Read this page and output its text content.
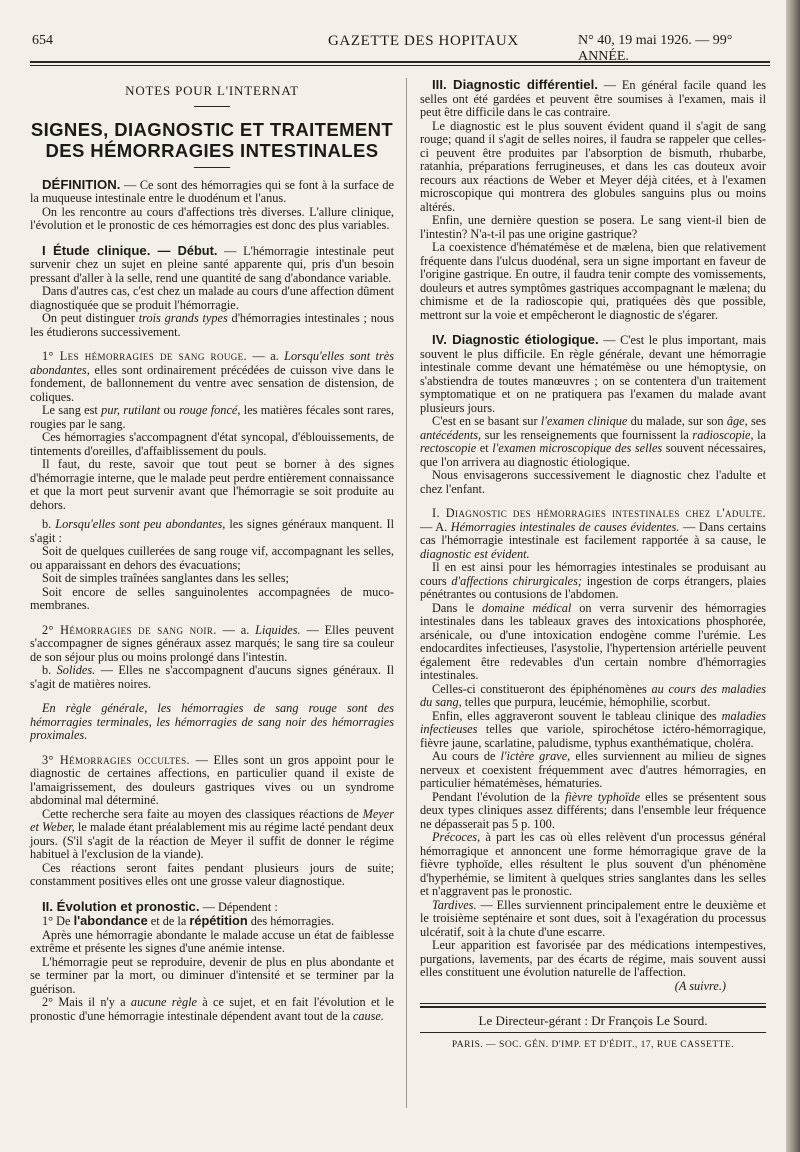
654	GAZETTE DES HOPITAUX	N° 40, 19 mai 1926. — 99° ANNÉE.
NOTES POUR L'INTERNAT
SIGNES, DIAGNOSTIC ET TRAITEMENT
DES HÉMORRAGIES INTESTINALES

DÉFINITION. — Ce sont des hémorragies qui se font à la surface de la muqueuse intestinale entre le duodénum et l'anus.

On les rencontre au cours d'affections très diverses. L'allure clinique, l'évolution et le pronostic de ces hémorragies est donc des plus variables.

I Étude clinique. — Début. — L'hémorragie intestinale peut survenir chez un sujet en pleine santé apparente qui, pris d'un besoin pressant d'aller à la selle, rend une quantité de sang d'abondance variable.

Dans d'autres cas, c'est chez un malade au cours d'une affection dûment diagnostiquée que se produit l'hémorragie.

On peut distinguer trois grands types d'hémorragies intestinales ; nous les étudierons successivement.

1° Les hémorragies de sang rouge. — a. Lorsqu'elles sont très abondantes, elles sont ordinairement précédées de cuisson vive dans le fondement, de ballonnement du ventre avec sensation de distension, de coliques.

Le sang est pur, rutilant ou rouge foncé, les matières fécales sont rares, rougies par le sang.

Ces hémorragies s'accompagnent d'état syncopal, d'éblouissements, de tintements d'oreilles, d'affaiblissement du pouls.

Il faut, du reste, savoir que tout peut se borner à des signes d'hémorragie interne, que le malade peut perdre entièrement connaissance et que la mort peut survenir avant que l'hémorragie se soit produite au dehors.

b. Lorsqu'elles sont peu abondantes, les signes généraux manquent. Il s'agit :

Soit de quelques cuillerées de sang rouge vif, accompagnant les selles, ou apparaissant en dehors des évacuations;

Soit de simples traînées sanglantes dans les selles;

Soit encore de selles sanguinolentes accompagnées de muco-membranes.

2° Hémorragies de sang noir. — a. Liquides. — Elles peuvent s'accompagner de signes généraux assez marqués; le sang tire sa couleur de son séjour plus ou moins prolongé dans l'intestin.

b. Solides. — Elles ne s'accompagnent d'aucuns signes généraux. Il s'agit de matières noires.

En règle générale, les hémorragies de sang rouge sont des hémorragies terminales, les hémorragies de sang noir des hémorragies proximales.

3° Hémorragies occultes. — Elles sont un gros appoint pour le diagnostic de certaines affections, en particulier quand il existe de l'amaigrissement, des douleurs gastriques vives ou un syndrome abdominal mal déterminé.

Cette recherche sera faite au moyen des classiques réactions de Meyer et Weber, le malade étant préalablement mis au régime lacté pendant deux jours. (S'il s'agit de la réaction de Meyer il suffit de donner le régime habituel à l'exclusion de la viande).

Ces réactions seront faites pendant plusieurs jours de suite; constamment positives elles ont une grosse valeur diagnostique.

II. Évolution et pronostic. — Dépendent :

1° De l'abondance et de la répétition des hémorragies.

Après une hémorragie abondante le malade accuse un état de faiblesse extrême et présente les signes d'une anémie intense.

L'hémorragie peut se reproduire, devenir de plus en plus abondante et se terminer par la mort, ou diminuer d'intensité et se terminer par la guérison.

2° Mais il n'y a aucune règle à ce sujet, et en fait l'évolution et le pronostic d'une hémorragie intestinale dépendent avant tout de la cause.

III. Diagnostic différentiel. — En général facile quand les selles ont été gardées et peuvent être soumises à l'examen, mais il peut être difficile dans le cas contraire.

Le diagnostic est le plus souvent évident quand il s'agit de sang rouge; quand il s'agit de selles noires, il faudra se rappeler que celles-ci peuvent être produites par l'absorption de bismuth, rhubarbe, ratanhia, préparations ferrugineuses, et dans les cas douteux avoir recours aux réactions de Weber et Meyer déjà citées, et à l'examen microscopique qui montrera des globules sanguins plus ou moins altérés.

Enfin, une dernière question se posera. Le sang vient-il bien de l'intestin? N'a-t-il pas une origine gastrique?

La coexistence d'hématémèse et de mælena, bien que relativement fréquente dans l'ulcus duodénal, sera un signe important en faveur de l'origine gastrique. En outre, il faudra tenir compte des vomissements, douleurs et autres symptômes gastriques accompagnant le mælena; du chimisme et de la radioscopie qui, pratiquées dès que possible, mettront sur la voie et empêcheront le diagnostic de s'égarer.

IV. Diagnostic étiologique. — C'est le plus important, mais souvent le plus difficile. En règle générale, devant une hémorragie intestinale comme devant une hématémèse ou une hémoptysie, on s'abstiendra de toutes manœuvres ; on se contentera d'un traitement symptomatique et on ne pratiquera pas l'examen du malade avant plusieurs jours.

C'est en se basant sur l'examen clinique du malade, sur son âge, ses antécédents, sur les renseignements que fournissent la radioscopie, la rectoscopie et l'examen microscopique des selles souvent nécessaires, que l'on arrivera au diagnostic étiologique.

Nous envisagerons successivement le diagnostic chez l'adulte et chez l'enfant.

I. Diagnostic des hémorragies intestinales chez l'adulte. — A. Hémorragies intestinales de causes évidentes. — Dans certains cas l'hémorragie intestinale est facilement rapportée à sa cause, le diagnostic est évident.

Il en est ainsi pour les hémorragies intestinales se produisant au cours d'affections chirurgicales; ingestion de corps étrangers, plaies pénétrantes ou contusions de l'abdomen.

Dans le domaine médical on verra survenir des hémorragies intestinales dans les tableaux graves des intoxications phosphorée, arsénicale, ou d'une intoxication endogène comme l'urémie. Les endocardites infectieuses, l'asystolie, l'hypertension artérielle peuvent également être redevables d'un certain nombre d'hémorragies intestinales.

Celles-ci constitueront des épiphénomènes au cours des maladies du sang, telles que purpura, leucémie, hémophilie, scorbut.

Enfin, elles aggraveront souvent le tableau clinique des maladies infectieuses telles que variole, spirochétose ictéro-hémorragique, fièvre jaune, scarlatine, paludisme, typhus exanthématique, choléra.

Au cours de l'ictère grave, elles surviennent au milieu de signes nerveux et coexistent fréquemment avec d'autres hémorragies, en particulier hématémèses, hématuries.

Pendant l'évolution de la fièvre typhoïde elles se présentent sous deux types cliniques assez différents; dans l'ensemble leur fréquence ne dépasserait pas 5 p. 100.

Précoces, à part les cas où elles relèvent d'un processus général hémorragique et annoncent une forme hémorragique grave de la fièvre typhoïde, elles résultent le plus souvent d'un phénomène d'hyperhémie, se limitent à quelques stries sanglantes dans les selles et n'aggravent pas le pronostic.

Tardives. — Elles surviennent principalement entre le deuxième et le troisième septénaire et sont dues, soit à l'exagération du processus ulcératif, soit à la chute d'une escarre.

Leur apparition est favorisée par des médications intempestives, purgations, lavements, par des écarts de régime, mais souvent aussi elles constituent une évolution naturelle de l'affection.

(A suivre.)

Le Directeur-gérant : Dr François Le Sourd.
PARIS. — SOC. GÉN. D'IMP. ET D'ÉDIT., 17, RUE CASSETTE.
